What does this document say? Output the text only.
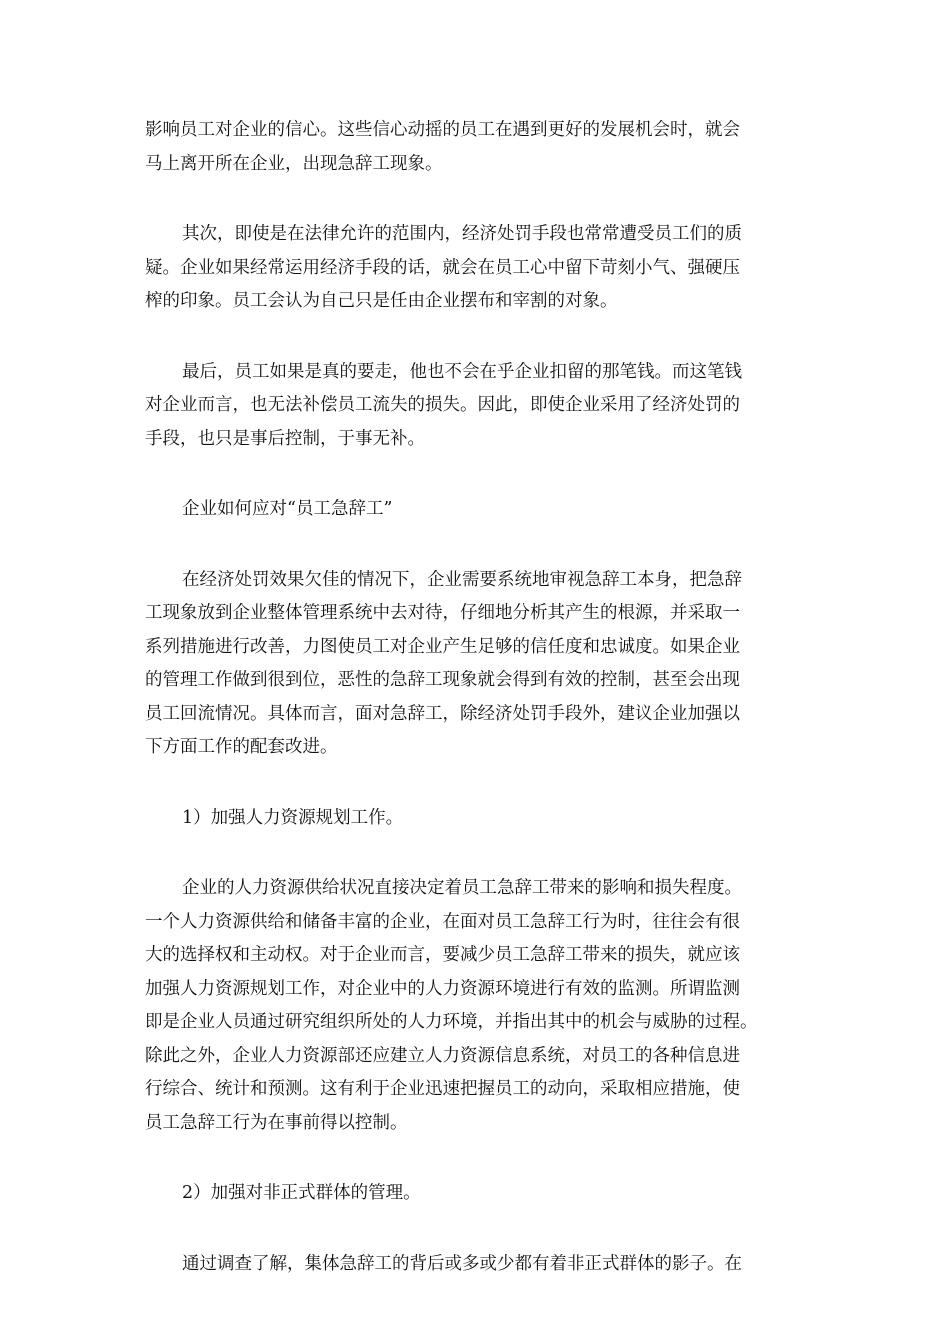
影响员工对企业的信心。这些信心动摇的员工在遇到更好的发展机会时，就会
马上离开所在企业，出现急辞工现象。
其次，即使是在法律允许的范围内，经济处罚手段也常常遭受员工们的质
疑。企业如果经常运用经济手段的话，就会在员工心中留下苛刻小气、强硬压
榨的印象。员工会认为自己只是任由企业摆布和宰割的对象。
最后，员工如果是真的要走，他也不会在乎企业扣留的那笔钱。而这笔钱
对企业而言，也无法补偿员工流失的损失。因此，即使企业采用了经济处罚的
手段，也只是事后控制，于事无补。
企业如何应对“员工急辞工”
在经济处罚效果欠佳的情况下，企业需要系统地审视急辞工本身，把急辞
工现象放到企业整体管理系统中去对待，仔细地分析其产生的根源，并采取一
系列措施进行改善，力图使员工对企业产生足够的信任度和忠诚度。如果企业
的管理工作做到很到位，恶性的急辞工现象就会得到有效的控制，甚至会出现
员工回流情况。具体而言，面对急辞工，除经济处罚手段外，建议企业加强以
下方面工作的配套改进。
1）加强人力资源规划工作。
企业的人力资源供给状况直接决定着员工急辞工带来的影响和损失程度。
一个人力资源供给和储备丰富的企业，在面对员工急辞工行为时，往往会有很
大的选择权和主动权。对于企业而言，要减少员工急辞工带来的损失，就应该
加强人力资源规划工作，对企业中的人力资源环境进行有效的监测。所谓监测
即是企业人员通过研究组织所处的人力环境，并指出其中的机会与威胁的过程。
除此之外，企业人力资源部还应建立人力资源信息系统，对员工的各种信息进
行综合、统计和预测。这有利于企业迅速把握员工的动向，采取相应措施，使
员工急辞工行为在事前得以控制。
2）加强对非正式群体的管理。
通过调查了解，集体急辞工的背后或多或少都有着非正式群体的影子。在
